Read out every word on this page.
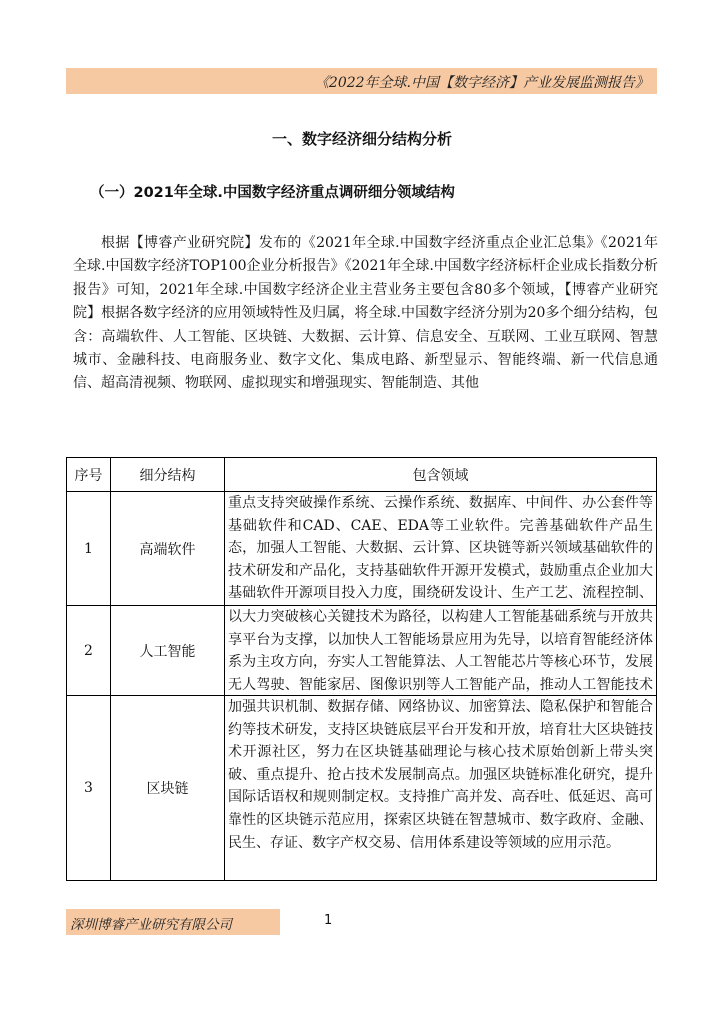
《2022年全球.中国【数字经济】产业发展监测报告》
一、数字经济细分结构分析
（一）2021年全球.中国数字经济重点调研细分领域结构
根据【博睿产业研究院】发布的《2021年全球.中国数字经济重点企业汇总集》《2021年全球.中国数字经济TOP100企业分析报告》《2021年全球.中国数字经济标杆企业成长指数分析报告》可知，2021年全球.中国数字经济企业主营业务主要包含80多个领域，【博睿产业研究院】根据各数字经济的应用领域特性及归属，将全球.中国数字经济分别为20多个细分结构，包含：高端软件、人工智能、区块链、大数据、云计算、信息安全、互联网、工业互联网、智慧城市、金融科技、电商服务业、数字文化、集成电路、新型显示、智能终端、新一代信息通信、超高清视频、物联网、虚拟现实和增强现实、智能制造、其他
序号	细分结构	包含领域
1	高端软件	重点支持突破操作系统、云操作系统、数据库、中间件、办公套件等基础软件和CAD、CAE、EDA等工业软件。完善基础软件产品生态，加强人工智能、大数据、云计算、区块链等新兴领域基础软件的技术研发和产品化，支持基础软件开源开发模式，鼓励重点企业加大基础软件开源项目投入力度，围绕研发设计、生产工艺、流程控制、

2	人工智能	以大力突破核心关键技术为路径，以构建人工智能基础系统与开放共享平台为支撑，以加快人工智能场景应用为先导，以培育智能经济体系为主攻方向，夯实人工智能算法、人工智能芯片等核心环节，发展无人驾驶、智能家居、图像识别等人工智能产品，推动人工智能技术

3	区块链	加强共识机制、数据存储、网络协议、加密算法、隐私保护和智能合约等技术研发，支持区块链底层平台开发和开放，培育壮大区块链技术开源社区，努力在区块链基础理论与核心技术原始创新上带头突破、重点提升、抢占技术发展制高点。加强区块链标准化研究，提升国际话语权和规则制定权。支持推广高并发、高吞吐、低延迟、高可靠性的区块链示范应用，探索区块链在智慧城市、数字政府、金融、民生、存证、数字产权交易、信用体系建设等领域的应用示范。
深圳博睿产业研究有限公司	1
